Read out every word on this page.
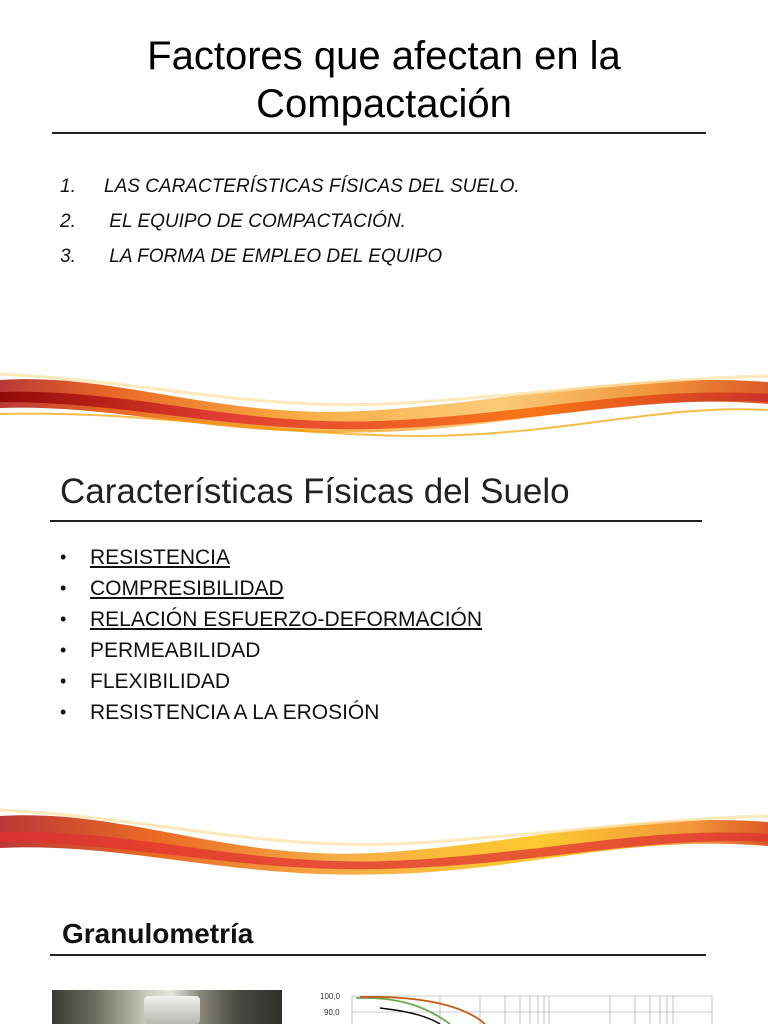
Factores que afectan en la
Compactación
1.	LAS CARACTERÍSTICAS FÍSICAS DEL SUELO.
2.	EL EQUIPO DE COMPACTACIÓN.
3.	LA FORMA DE EMPLEO DEL EQUIPO
Características Físicas del Suelo
•	RESISTENCIA
•	COMPRESIBILIDAD
•	RELACIÓN ESFUERZO-DEFORMACIÓN
•	PERMEABILIDAD
•	FLEXIBILIDAD
•	RESISTENCIA A LA EROSIÓN
Granulometría
100,0
90,0
